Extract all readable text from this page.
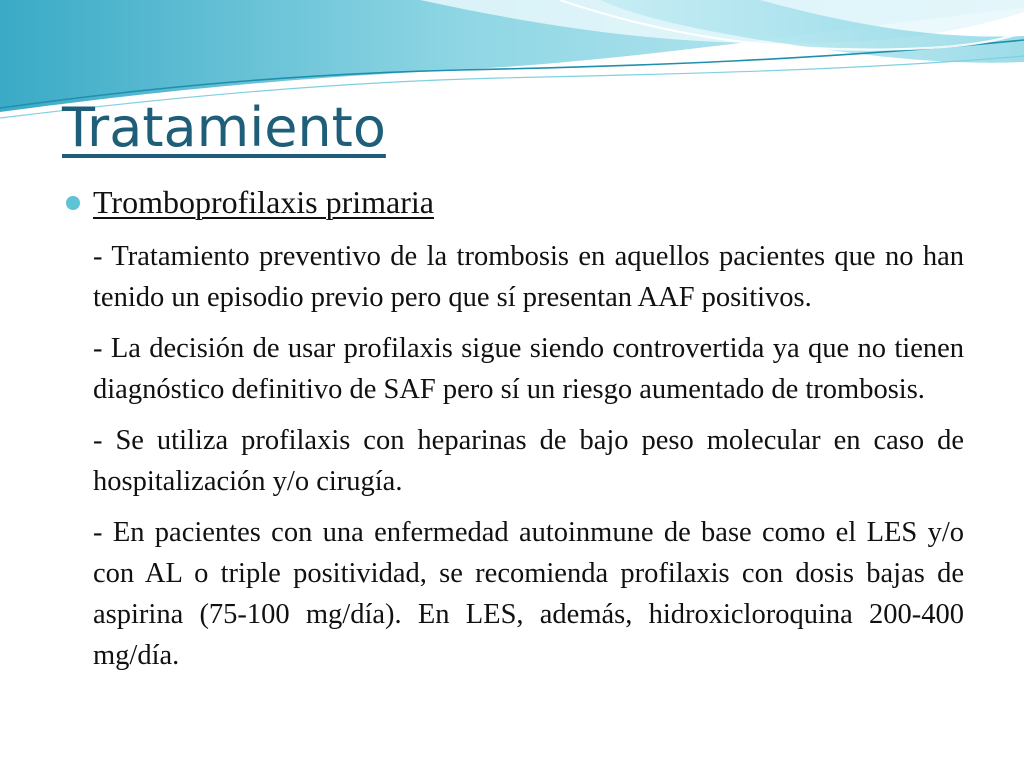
Tratamiento
Tromboprofilaxis primaria

- Tratamiento preventivo de la trombosis en aquellos pacientes que no han tenido un episodio previo pero que sí presentan AAF positivos.

- La decisión de usar profilaxis sigue siendo controvertida ya que no tienen diagnóstico definitivo de SAF pero sí un riesgo aumentado de trombosis.

- Se utiliza profilaxis con heparinas de bajo peso molecular en caso de hospitalización y/o cirugía.

- En pacientes con una enfermedad autoinmune de base como el LES y/o con AL o triple positividad, se recomienda profilaxis con dosis bajas de aspirina (75-100 mg/día). En LES, además, hidroxicloroquina 200-400 mg/día.
